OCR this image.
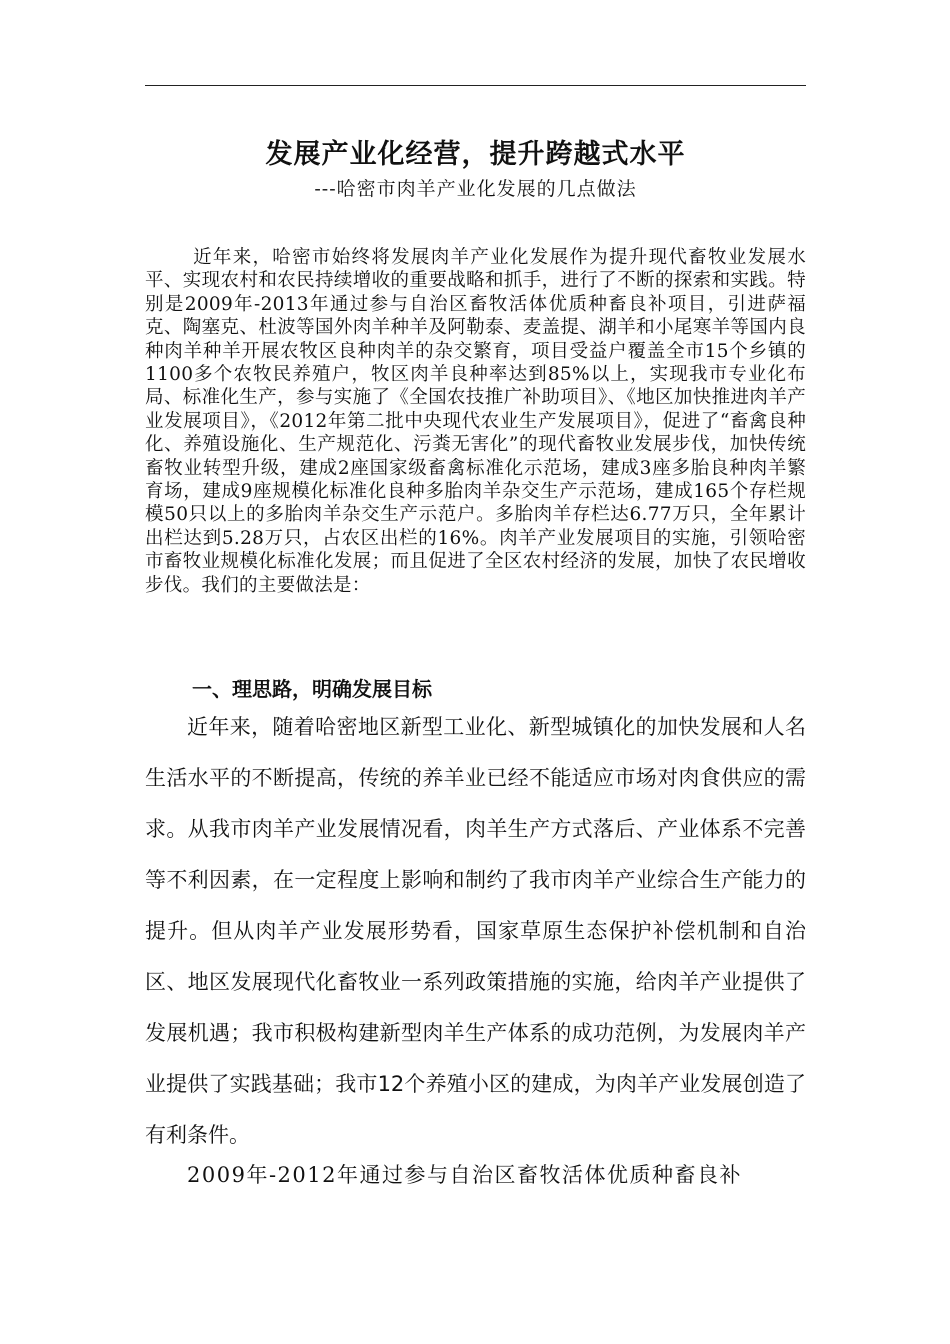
发展产业化经营，提升跨越式水平

---哈密市肉羊产业化发展的几点做法

近年来，哈密市始终将发展肉羊产业化发展作为提升现代畜牧业发展水平、实现农村和农民持续增收的重要战略和抓手，进行了不断的探索和实践。特别是2009年-2013年通过参与自治区畜牧活体优质种畜良补项目，引进萨福克、陶塞克、杜波等国外肉羊种羊及阿勒泰、麦盖提、湖羊和小尾寒羊等国内良种肉羊种羊开展农牧区良种肉羊的杂交繁育，项目受益户覆盖全市15个乡镇的1100多个农牧民养殖户，牧区肉羊良种率达到85%以上，实现我市专业化布局、标准化生产，参与实施了《全国农技推广补助项目》、《地区加快推进肉羊产业发展项目》，《2012年第二批中央现代农业生产发展项目》，促进了“畜禽良种化、养殖设施化、生产规范化、污粪无害化”的现代畜牧业发展步伐，加快传统畜牧业转型升级，建成2座国家级畜禽标准化示范场，建成3座多胎良种肉羊繁育场，建成9座规模化标准化良种多胎肉羊杂交生产示范场，建成165个存栏规模50只以上的多胎肉羊杂交生产示范户。多胎肉羊存栏达6.77万只，全年累计出栏达到5.28万只，占农区出栏的16%。肉羊产业发展项目的实施，引领哈密市畜牧业规模化标准化发展；而且促进了全区农村经济的发展，加快了农民增收步伐。我们的主要做法是：

一、理思路，明确发展目标

近年来，随着哈密地区新型工业化、新型城镇化的加快发展和人名生活水平的不断提高，传统的养羊业已经不能适应市场对肉食供应的需求。从我市肉羊产业发展情况看，肉羊生产方式落后、产业体系不完善等不利因素，在一定程度上影响和制约了我市肉羊产业综合生产能力的提升。但从肉羊产业发展形势看，国家草原生态保护补偿机制和自治区、地区发展现代化畜牧业一系列政策措施的实施，给肉羊产业提供了发展机遇；我市积极构建新型肉羊生产体系的成功范例，为发展肉羊产业提供了实践基础；我市12个养殖小区的建成，为肉羊产业发展创造了有利条件。

2009年-2012年通过参与自治区畜牧活体优质种畜良补
